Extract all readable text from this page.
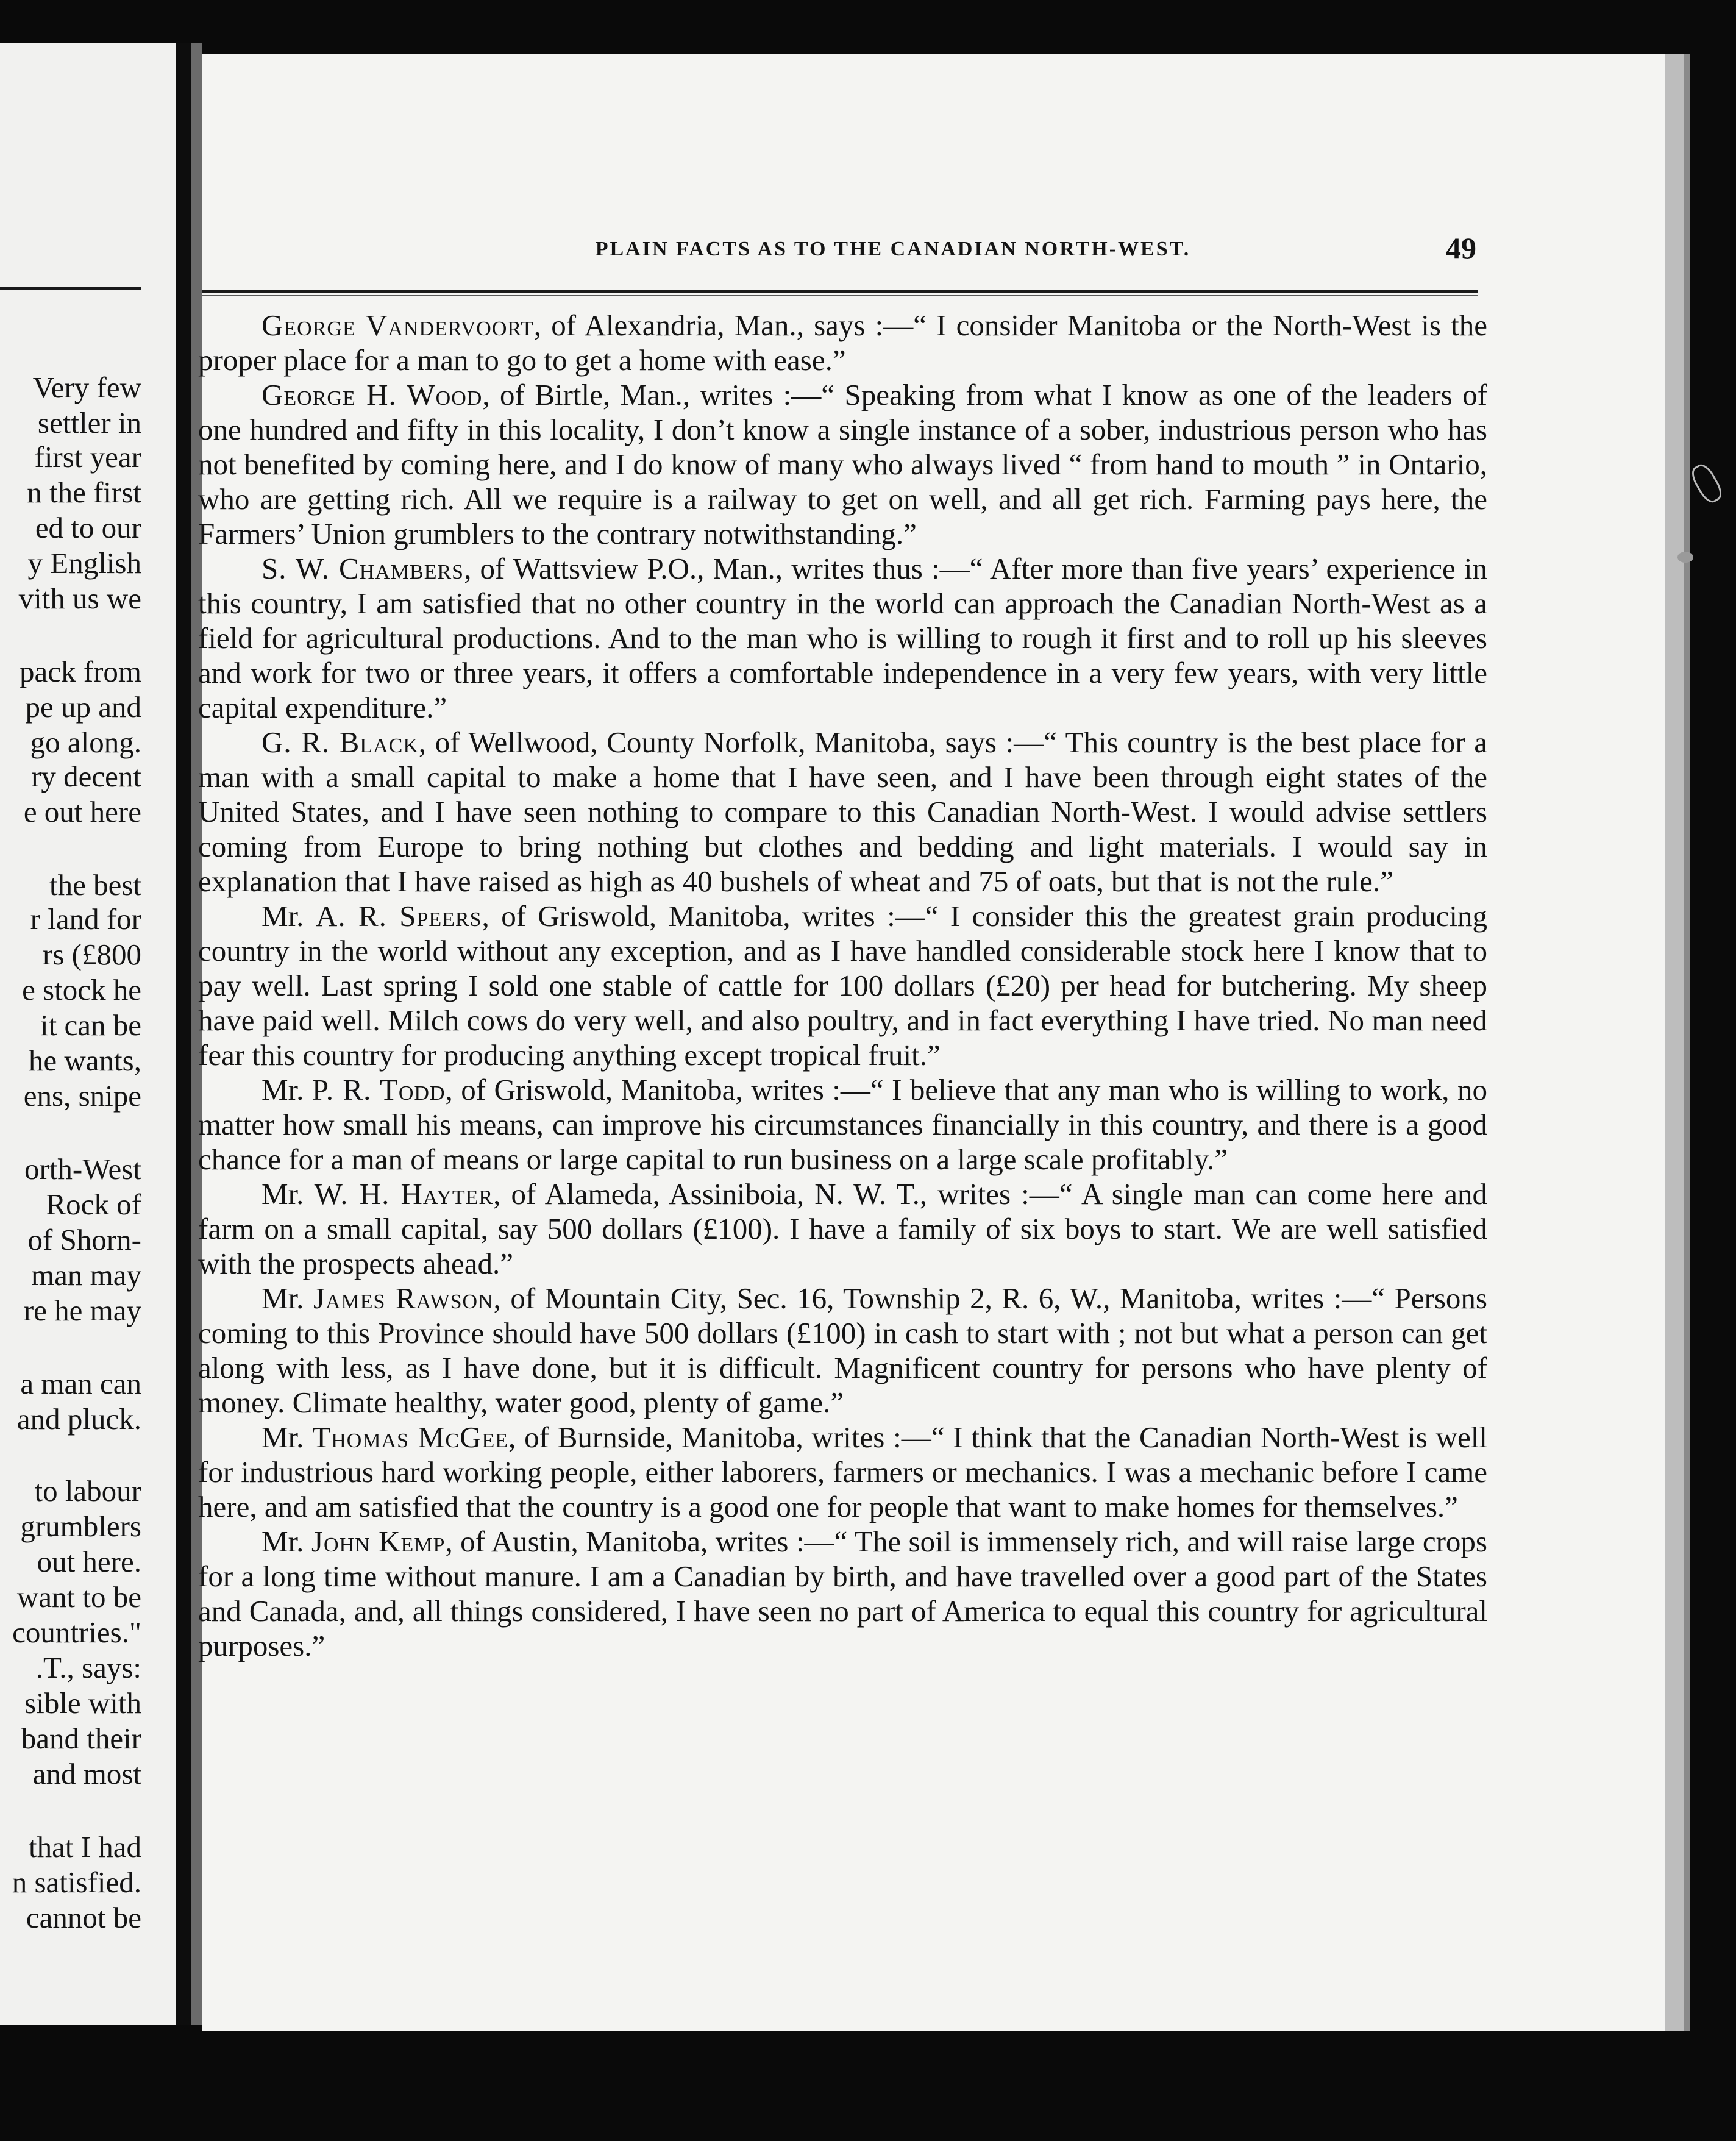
Very few
settler in
first year
n the first
ed to our
y English
vith us we
pack from
pe up and
go along.
ry decent
e out here
the best
r land for
rs (£800
e stock he
it can be
he wants,
ens, snipe
orth-West
Rock of
of Shorn-
man may
re he may
a man can
and pluck.
to labour
grumblers
out here.
want to be
countries."
.T., says:
sible with
band their
and most
that I had
n satisfied.
cannot be
PLAIN FACTS AS TO THE CANADIAN NORTH-WEST.	49

George Vandervoort, of Alexandria, Man., says :—“ I consider Manitoba or the North-West is the proper place for a man to go to get a home with ease.”

George H. Wood, of Birtle, Man., writes :—“ Speaking from what I know as one of the leaders of one hundred and fifty in this locality, I don’t know a single instance of a sober, industrious person who has not benefited by coming here, and I do know of many who always lived “ from hand to mouth ” in Ontario, who are getting rich. All we require is a railway to get on well, and all get rich. Farming pays here, the Farmers’ Union grumblers to the contrary notwithstanding.”

S. W. Chambers, of Wattsview P.O., Man., writes thus :—“ After more than five years’ experience in this country, I am satisfied that no other country in the world can approach the Canadian North-West as a field for agricultural productions. And to the man who is willing to rough it first and to roll up his sleeves and work for two or three years, it offers a comfortable independence in a very few years, with very little capital expenditure.”

G. R. Black, of Wellwood, County Norfolk, Manitoba, says :—“ This country is the best place for a man with a small capital to make a home that I have seen, and I have been through eight states of the United States, and I have seen nothing to compare to this Canadian North-West. I would advise settlers coming from Europe to bring nothing but clothes and bedding and light materials. I would say in explanation that I have raised as high as 40 bushels of wheat and 75 of oats, but that is not the rule.”

Mr. A. R. Speers, of Griswold, Manitoba, writes :—“ I consider this the greatest grain producing country in the world without any exception, and as I have handled considerable stock here I know that to pay well. Last spring I sold one stable of cattle for 100 dollars (£20) per head for butchering. My sheep have paid well. Milch cows do very well, and also poultry, and in fact everything I have tried. No man need fear this country for producing anything except tropical fruit.”

Mr. P. R. Todd, of Griswold, Manitoba, writes :—“ I believe that any man who is willing to work, no matter how small his means, can improve his circumstances financially in this country, and there is a good chance for a man of means or large capital to run business on a large scale profitably.”

Mr. W. H. Hayter, of Alameda, Assiniboia, N. W. T., writes :—“ A single man can come here and farm on a small capital, say 500 dollars (£100). I have a family of six boys to start. We are well satisfied with the prospects ahead.”

Mr. James Rawson, of Mountain City, Sec. 16, Township 2, R. 6, W., Manitoba, writes :—“ Persons coming to this Province should have 500 dollars (£100) in cash to start with ; not but what a person can get along with less, as I have done, but it is difficult. Magnificent country for persons who have plenty of money. Climate healthy, water good, plenty of game.”

Mr. Thomas McGee, of Burnside, Manitoba, writes :—“ I think that the Canadian North-West is well for industrious hard working people, either laborers, farmers or mechanics. I was a mechanic before I came here, and am satisfied that the country is a good one for people that want to make homes for themselves.”

Mr. John Kemp, of Austin, Manitoba, writes :—“ The soil is immensely rich, and will raise large crops for a long time without manure. I am a Canadian by birth, and have travelled over a good part of the States and Canada, and, all things considered, I have seen no part of America to equal this country for agricultural purposes.”
